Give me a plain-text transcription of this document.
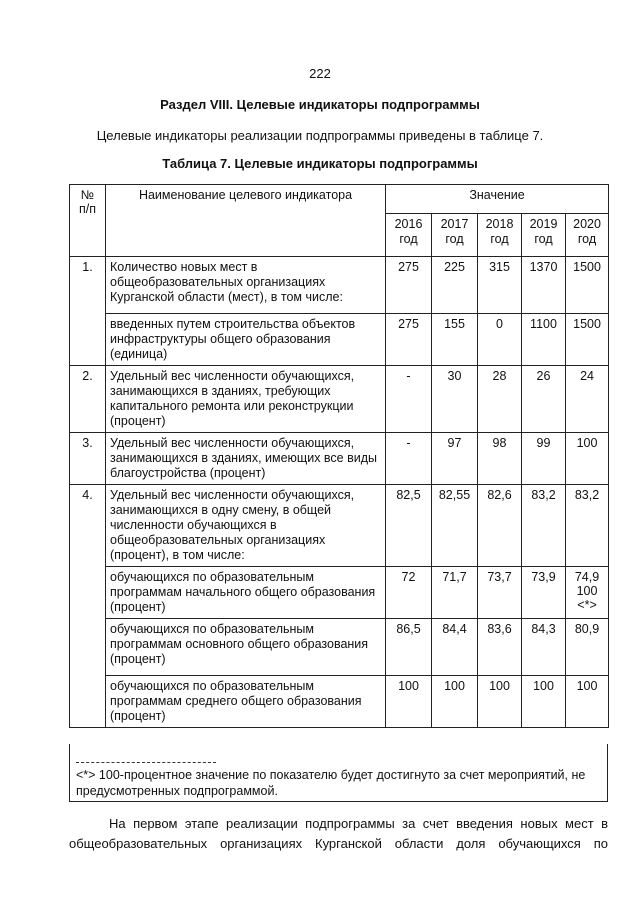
222
Раздел VIII. Целевые индикаторы подпрограммы
Целевые индикаторы реализации подпрограммы приведены в таблице 7.
Таблица 7. Целевые индикаторы подпрограммы
№ п/п	Наименование целевого индикатора	Значение				
		2016 год	2017 год	2018 год	2019 год	2020 год
1.	Количество новых мест в общеобразовательных организациях Курганской области (мест), в том числе:	275	225	315	1370	1500
	введенных путем строительства объектов инфраструктуры общего образования (единица)	275	155	0	1100	1500
2.	Удельный вес численности обучающихся, занимающихся в зданиях, требующих капитального ремонта или реконструкции (процент)	-	30	28	26	24
3.	Удельный вес численности обучающихся, занимающихся в зданиях, имеющих все виды благоустройства (процент)	-	97	98	99	100
4.	Удельный вес численности обучающихся, занимающихся в одну смену, в общей численности обучающихся в общеобразовательных организациях (процент), в том числе:	82,5	82,55	82,6	83,2	83,2
	обучающихся по образовательным программам начального общего образования (процент)	72	71,7	73,7	73,9	74,9 100 <*>
	обучающихся по образовательным программам основного общего образования (процент)	86,5	84,4	83,6	84,3	80,9
	обучающихся по образовательным программам среднего общего образования (процент)	100	100	100	100	100
<*> 100-процентное значение по показателю будет достигнуто за счет мероприятий, не предусмотренных подпрограммой.
На первом этапе реализации подпрограммы за счет введения новых мест в
общеобразовательных организациях Курганской области доля обучающихся по
